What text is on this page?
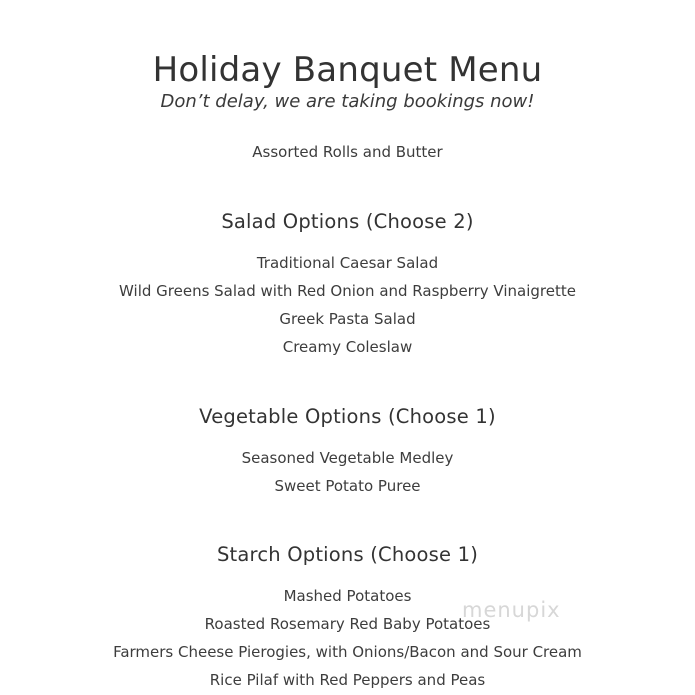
Holiday Banquet Menu

Don’t delay, we are taking bookings now!

Assorted Rolls and Butter
Salad Options (Choose 2)
Traditional Caesar Salad
Wild Greens Salad with Red Onion and Raspberry Vinaigrette
Greek Pasta Salad
Creamy Coleslaw
Vegetable Options (Choose 1)
Seasoned Vegetable Medley
Sweet Potato Puree
Starch Options (Choose 1)
Mashed Potatoes
Roasted Rosemary Red Baby Potatoes
Farmers Cheese Pierogies, with Onions/Bacon and Sour Cream
Rice Pilaf with Red Peppers and Peas
menupix
